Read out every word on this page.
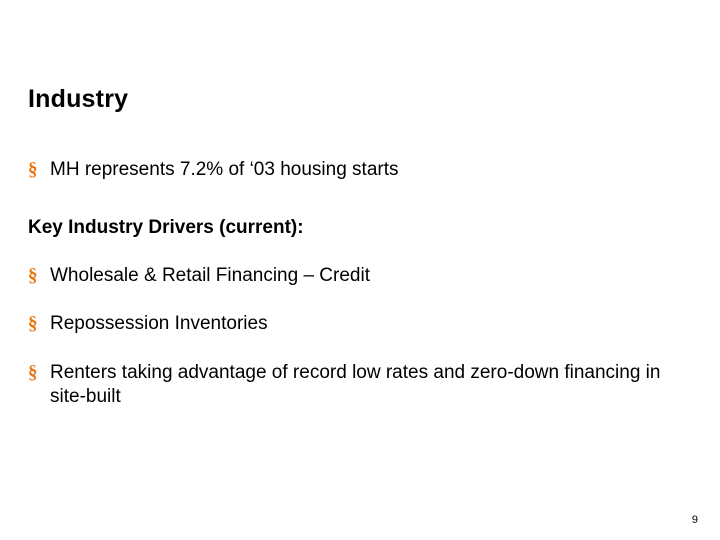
Industry
§ MH represents 7.2% of ‘03 housing starts
Key Industry Drivers (current):
§ Wholesale & Retail Financing – Credit
§ Repossession Inventories
§ Renters taking advantage of record low rates and zero-down financing in site-built
9
